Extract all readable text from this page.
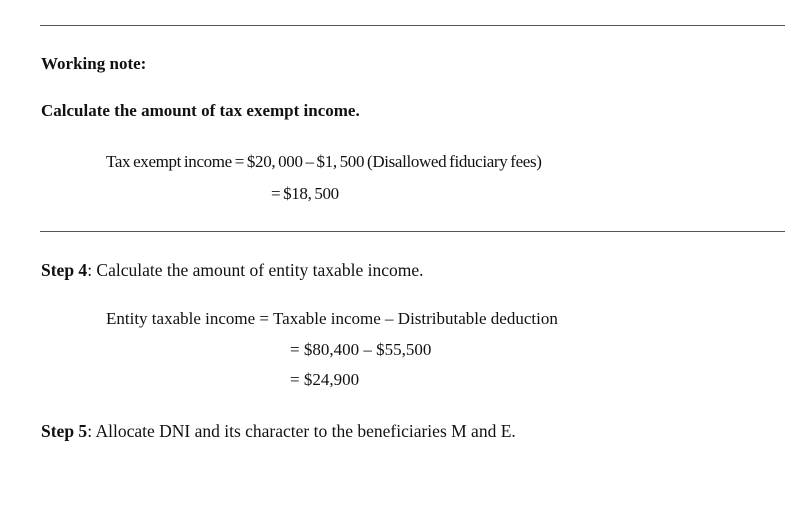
Working note:
Calculate the amount of tax exempt income.
Tax exempt income = $20, 000 – $1, 500 (Disallowed fiduciary fees)
= $18, 500
Step 4: Calculate the amount of entity taxable income.
Entity taxable income = Taxable income – Distributable deduction
= $80,400 – $55,500
= $24,900
Step 5: Allocate DNI and its character to the beneficiaries M and E.
